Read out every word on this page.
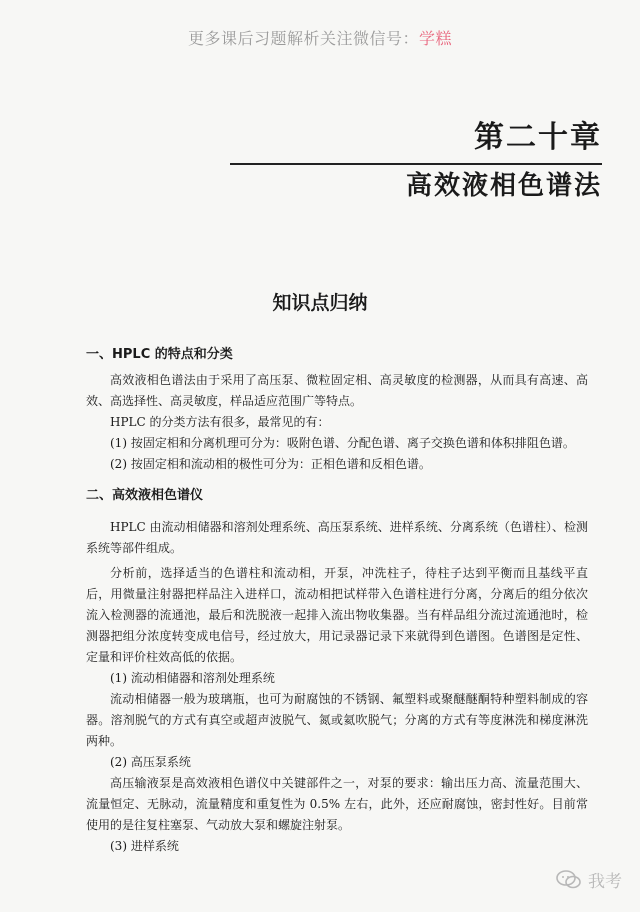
更多课后习题解析关注微信号：学糕
第二十章
高效液相色谱法
知识点归纳
一、HPLC 的特点和分类

高效液相色谱法由于采用了高压泵、微粒固定相、高灵敏度的检测器，从而具有高速、高效、高选择性、高灵敏度，样品适应范围广等特点。

HPLC 的分类方法有很多，最常见的有：

(1) 按固定相和分离机理可分为：吸附色谱、分配色谱、离子交换色谱和体积排阻色谱。

(2) 按固定相和流动相的极性可分为：正相色谱和反相色谱。

二、高效液相色谱仪

HPLC 由流动相储器和溶剂处理系统、高压泵系统、进样系统、分离系统（色谱柱）、检测系统等部件组成。

分析前，选择适当的色谱柱和流动相，开泵，冲洗柱子，待柱子达到平衡而且基线平直后，用微量注射器把样品注入进样口，流动相把试样带入色谱柱进行分离，分离后的组分依次流入检测器的流通池，最后和洗脱液一起排入流出物收集器。当有样品组分流过流通池时，检测器把组分浓度转变成电信号，经过放大，用记录器记录下来就得到色谱图。色谱图是定性、定量和评价柱效高低的依据。

(1) 流动相储器和溶剂处理系统

流动相储器一般为玻璃瓶，也可为耐腐蚀的不锈钢、氟塑料或聚醚醚酮特种塑料制成的容器。溶剂脱气的方式有真空或超声波脱气、氮或氦吹脱气；分离的方式有等度淋洗和梯度淋洗两种。

(2) 高压泵系统

高压输液泵是高效液相色谱仪中关键部件之一，对泵的要求：输出压力高、流量范围大、流量恒定、无脉动，流量精度和重复性为 0.5% 左右，此外，还应耐腐蚀，密封性好。目前常使用的是往复柱塞泵、气动放大泵和螺旋注射泵。

(3) 进样系统

我考
